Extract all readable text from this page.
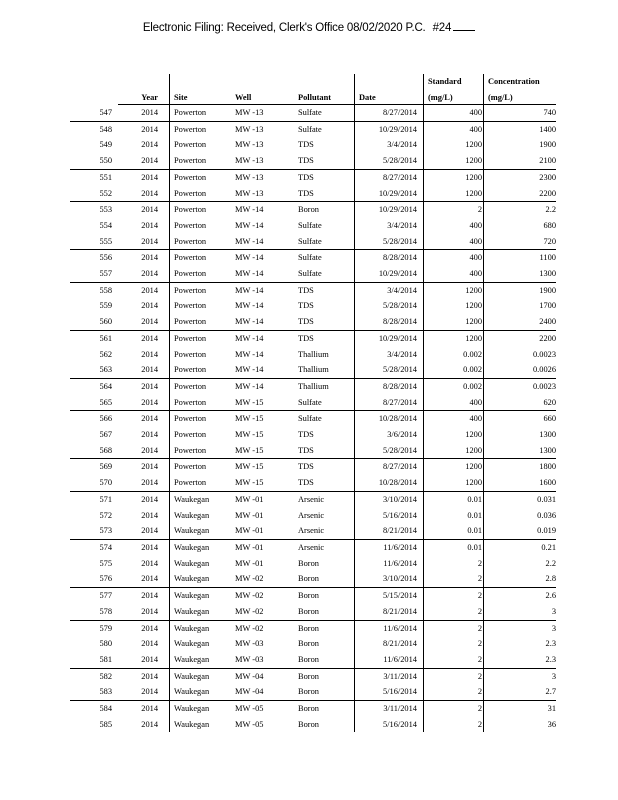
Electronic Filing: Received, Clerk's Office 08/02/2020 P.C. #24
						Standard	Concentration
	Year	Site	Well	Pollutant	Date	(mg/L)	(mg/L)
547	2014	Powerton	MW -13	Sulfate	8/27/2014	400	740
548	2014	Powerton	MW -13	Sulfate	10/29/2014	400	1400
549	2014	Powerton	MW -13	TDS	3/4/2014	1200	1900
550	2014	Powerton	MW -13	TDS	5/28/2014	1200	2100
551	2014	Powerton	MW -13	TDS	8/27/2014	1200	2300
552	2014	Powerton	MW -13	TDS	10/29/2014	1200	2200
553	2014	Powerton	MW -14	Boron	10/29/2014	2	2.2
554	2014	Powerton	MW -14	Sulfate	3/4/2014	400	680
555	2014	Powerton	MW -14	Sulfate	5/28/2014	400	720
556	2014	Powerton	MW -14	Sulfate	8/28/2014	400	1100
557	2014	Powerton	MW -14	Sulfate	10/29/2014	400	1300
558	2014	Powerton	MW -14	TDS	3/4/2014	1200	1900
559	2014	Powerton	MW -14	TDS	5/28/2014	1200	1700
560	2014	Powerton	MW -14	TDS	8/28/2014	1200	2400
561	2014	Powerton	MW -14	TDS	10/29/2014	1200	2200
562	2014	Powerton	MW -14	Thallium	3/4/2014	0.002	0.0023
563	2014	Powerton	MW -14	Thallium	5/28/2014	0.002	0.0026
564	2014	Powerton	MW -14	Thallium	8/28/2014	0.002	0.0023
565	2014	Powerton	MW -15	Sulfate	8/27/2014	400	620
566	2014	Powerton	MW -15	Sulfate	10/28/2014	400	660
567	2014	Powerton	MW -15	TDS	3/6/2014	1200	1300
568	2014	Powerton	MW -15	TDS	5/28/2014	1200	1300
569	2014	Powerton	MW -15	TDS	8/27/2014	1200	1800
570	2014	Powerton	MW -15	TDS	10/28/2014	1200	1600
571	2014	Waukegan	MW -01	Arsenic	3/10/2014	0.01	0.031
572	2014	Waukegan	MW -01	Arsenic	5/16/2014	0.01	0.036
573	2014	Waukegan	MW -01	Arsenic	8/21/2014	0.01	0.019
574	2014	Waukegan	MW -01	Arsenic	11/6/2014	0.01	0.21
575	2014	Waukegan	MW -01	Boron	11/6/2014	2	2.2
576	2014	Waukegan	MW -02	Boron	3/10/2014	2	2.8
577	2014	Waukegan	MW -02	Boron	5/15/2014	2	2.6
578	2014	Waukegan	MW -02	Boron	8/21/2014	2	3
579	2014	Waukegan	MW -02	Boron	11/6/2014	2	3
580	2014	Waukegan	MW -03	Boron	8/21/2014	2	2.3
581	2014	Waukegan	MW -03	Boron	11/6/2014	2	2.3
582	2014	Waukegan	MW -04	Boron	3/11/2014	2	3
583	2014	Waukegan	MW -04	Boron	5/16/2014	2	2.7
584	2014	Waukegan	MW -05	Boron	3/11/2014	2	31
585	2014	Waukegan	MW -05	Boron	5/16/2014	2	36
